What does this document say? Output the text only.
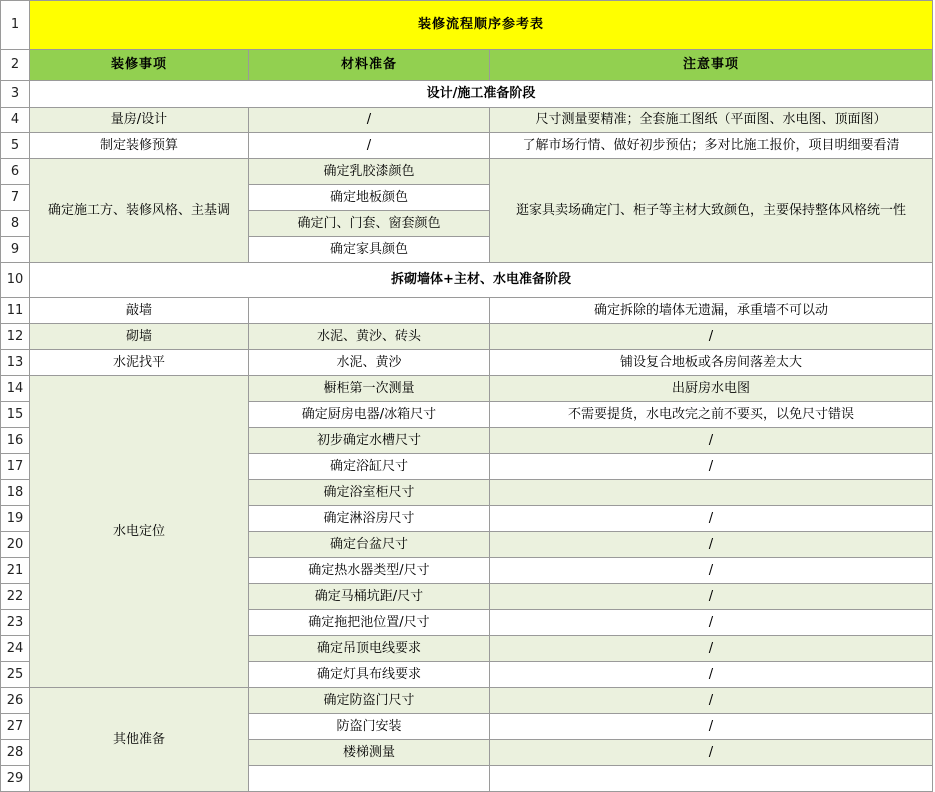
1	装修流程顺序参考表		
2	装修事项	材料准备	注意事项
3	设计/施工准备阶段		
4	量房/设计	/	尺寸测量要精准；全套施工图纸（平面图、水电图、顶面图）
5	制定装修预算	/	了解市场行情、做好初步预估；多对比施工报价，项目明细要看清
6	确定施工方、装修风格、主基调	确定乳胶漆颜色	逛家具卖场确定门、柜子等主材大致颜色，主要保持整体风格统一性
7		确定地板颜色	
8		确定门、门套、窗套颜色	
9		确定家具颜色	
10	拆砌墙体+主材、水电准备阶段		
11	敲墙		确定拆除的墙体无遗漏，承重墙不可以动
12	砌墙	水泥、黄沙、砖头	/
13	水泥找平	水泥、黄沙	铺设复合地板或各房间落差太大
14	水电定位	橱柜第一次测量	出厨房水电图
15		确定厨房电器/冰箱尺寸	不需要提货，水电改完之前不要买，以免尺寸错误
16		初步确定水槽尺寸	/
17		确定浴缸尺寸	/
18		确定浴室柜尺寸	
19		确定淋浴房尺寸	/
20		确定台盆尺寸	/
21		确定热水器类型/尺寸	/
22		确定马桶坑距/尺寸	/
23		确定拖把池位置/尺寸	/
24		确定吊顶电线要求	/
25		确定灯具布线要求	/
26	其他准备	确定防盗门尺寸	/
27		防盗门安装	/
28		楼梯测量	/
29			
